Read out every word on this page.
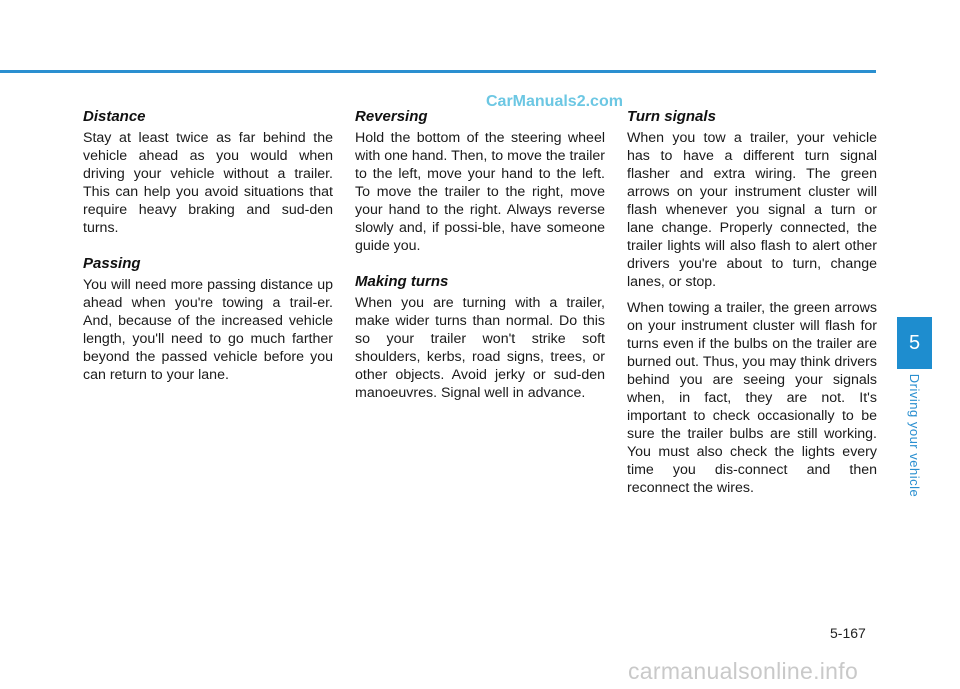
CarManuals2.com
Distance

Stay at least twice as far behind the vehicle ahead as you would when driving your vehicle without a trailer. This can help you avoid situations that require heavy braking and sud-den turns.

Passing

You will need more passing distance up ahead when you're towing a trail-er. And, because of the increased vehicle length, you'll need to go much farther beyond the passed vehicle before you can return to your lane.

Reversing

Hold the bottom of the steering wheel with one hand. Then, to move the trailer to the left, move your hand to the left. To move the trailer to the right, move your hand to the right. Always reverse slowly and, if possi-ble, have someone guide you.

Making turns

When you are turning with a trailer, make wider turns than normal. Do this so your trailer won't strike soft shoulders, kerbs, road signs, trees, or other objects. Avoid jerky or sud-den manoeuvres. Signal well in advance.

Turn signals

When you tow a trailer, your vehicle has to have a different turn signal flasher and extra wiring. The green arrows on your instrument cluster will flash whenever you signal a turn or lane change. Properly connected, the trailer lights will also flash to alert other drivers you're about to turn, change lanes, or stop.

When towing a trailer, the green arrows on your instrument cluster will flash for turns even if the bulbs on the trailer are burned out. Thus, you may think drivers behind you are seeing your signals when, in fact, they are not. It's important to check occasionally to be sure the trailer bulbs are still working. You must also check the lights every time you dis-connect and then reconnect the wires.

5
Driving your vehicle
5-167
carmanualsonline.info
